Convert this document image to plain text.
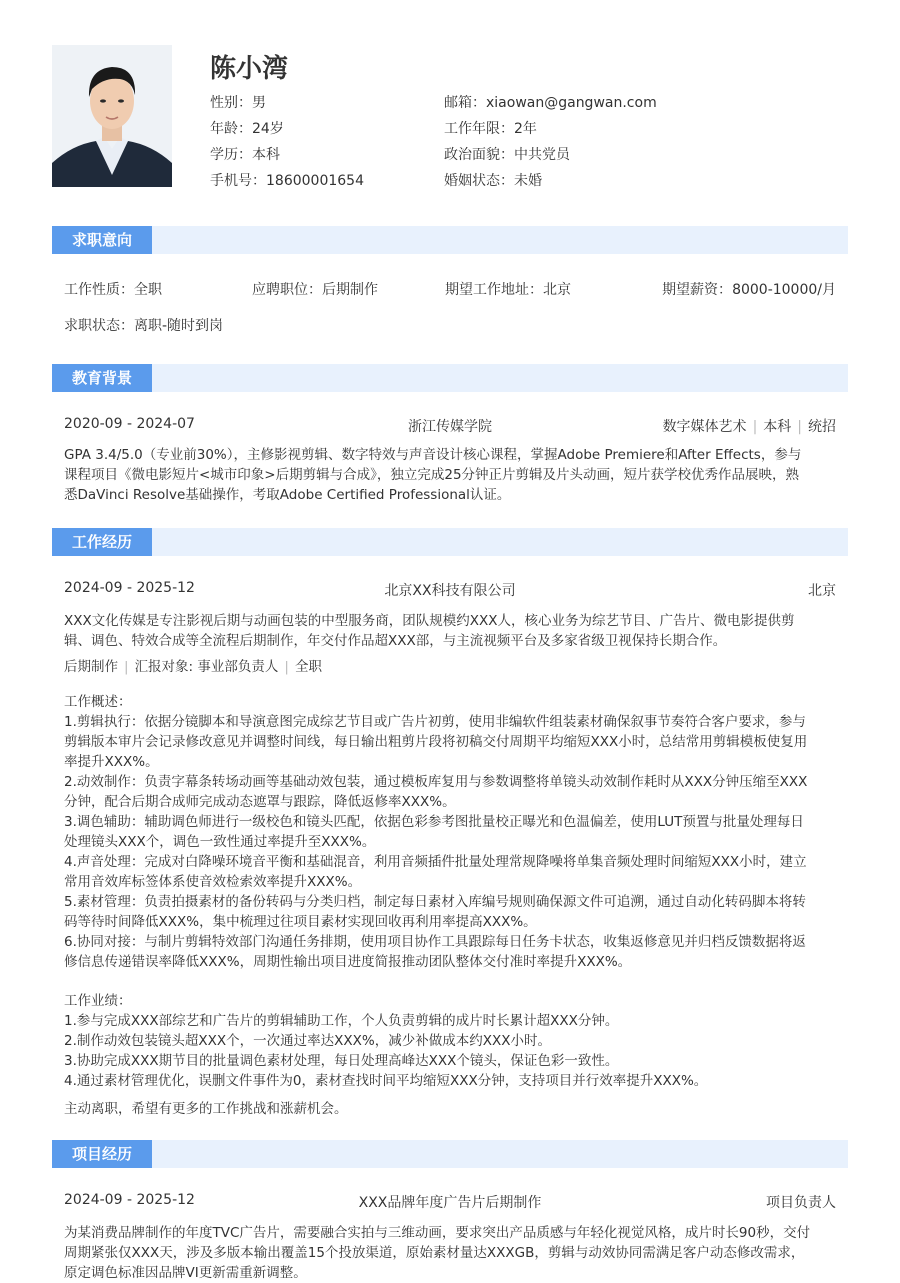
陈小湾
性别：男
年龄：24岁
学历：本科
手机号：18600001654
邮箱：xiaowan@gangwan.com
工作年限：2年
政治面貌：中共党员
婚姻状态：未婚
求职意向
工作性质：全职	应聘职位：后期制作	期望工作地址：北京	期望薪资：8000-10000/月
求职状态：离职-随时到岗
教育背景
2020-09 - 2024-07	浙江传媒学院	数字媒体艺术 | 本科 | 统招
GPA 3.4/5.0（专业前30%），主修影视剪辑、数字特效与声音设计核心课程，掌握Adobe Premiere和After Effects，参与
课程项目《微电影短片<城市印象>后期剪辑与合成》，独立完成25分钟正片剪辑及片头动画，短片获学校优秀作品展映，熟
悉DaVinci Resolve基础操作，考取Adobe Certified Professional认证。
工作经历
2024-09 - 2025-12	北京XX科技有限公司	北京
XXX文化传媒是专注影视后期与动画包装的中型服务商，团队规模约XXX人，核心业务为综艺节目、广告片、微电影提供剪
辑、调色、特效合成等全流程后期制作，年交付作品超XXX部，与主流视频平台及多家省级卫视保持长期合作。
后期制作 | 汇报对象: 事业部负责人 | 全职
工作概述：
1.剪辑执行：依据分镜脚本和导演意图完成综艺节目或广告片初剪，使用非编软件组装素材确保叙事节奏符合客户要求，参与
剪辑版本审片会记录修改意见并调整时间线，每日输出粗剪片段将初稿交付周期平均缩短XXX小时，总结常用剪辑模板使复用
率提升XXX%。
2.动效制作：负责字幕条转场动画等基础动效包装，通过模板库复用与参数调整将单镜头动效制作耗时从XXX分钟压缩至XXX
分钟，配合后期合成师完成动态遮罩与跟踪，降低返修率XXX%。
3.调色辅助：辅助调色师进行一级校色和镜头匹配，依据色彩参考图批量校正曝光和色温偏差，使用LUT预置与批量处理每日
处理镜头XXX个，调色一致性通过率提升至XXX%。
4.声音处理：完成对白降噪环境音平衡和基础混音，利用音频插件批量处理常规降噪将单集音频处理时间缩短XXX小时，建立
常用音效库标签体系使音效检索效率提升XXX%。
5.素材管理：负责拍摄素材的备份转码与分类归档，制定每日素材入库编号规则确保源文件可追溯，通过自动化转码脚本将转
码等待时间降低XXX%，集中梳理过往项目素材实现回收再利用率提高XXX%。
6.协同对接：与制片剪辑特效部门沟通任务排期，使用项目协作工具跟踪每日任务卡状态，收集返修意见并归档反馈数据将返
修信息传递错误率降低XXX%，周期性输出项目进度简报推动团队整体交付准时率提升XXX%。
工作业绩：
1.参与完成XXX部综艺和广告片的剪辑辅助工作，个人负责剪辑的成片时长累计超XXX分钟。
2.制作动效包装镜头超XXX个，一次通过率达XXX%，减少补做成本约XXX小时。
3.协助完成XXX期节目的批量调色素材处理，每日处理高峰达XXX个镜头，保证色彩一致性。
4.通过素材管理优化，误删文件事件为0，素材查找时间平均缩短XXX分钟，支持项目并行效率提升XXX%。
主动离职，希望有更多的工作挑战和涨薪机会。
项目经历
2024-09 - 2025-12	XXX品牌年度广告片后期制作	项目负责人
为某消费品牌制作的年度TVC广告片，需要融合实拍与三维动画，要求突出产品质感与年轻化视觉风格，成片时长90秒，交付
周期紧张仅XXX天，涉及多版本输出覆盖15个投放渠道，原始素材量达XXXGB，剪辑与动效协同需满足客户动态修改需求，
原定调色标准因品牌VI更新需重新调整。
